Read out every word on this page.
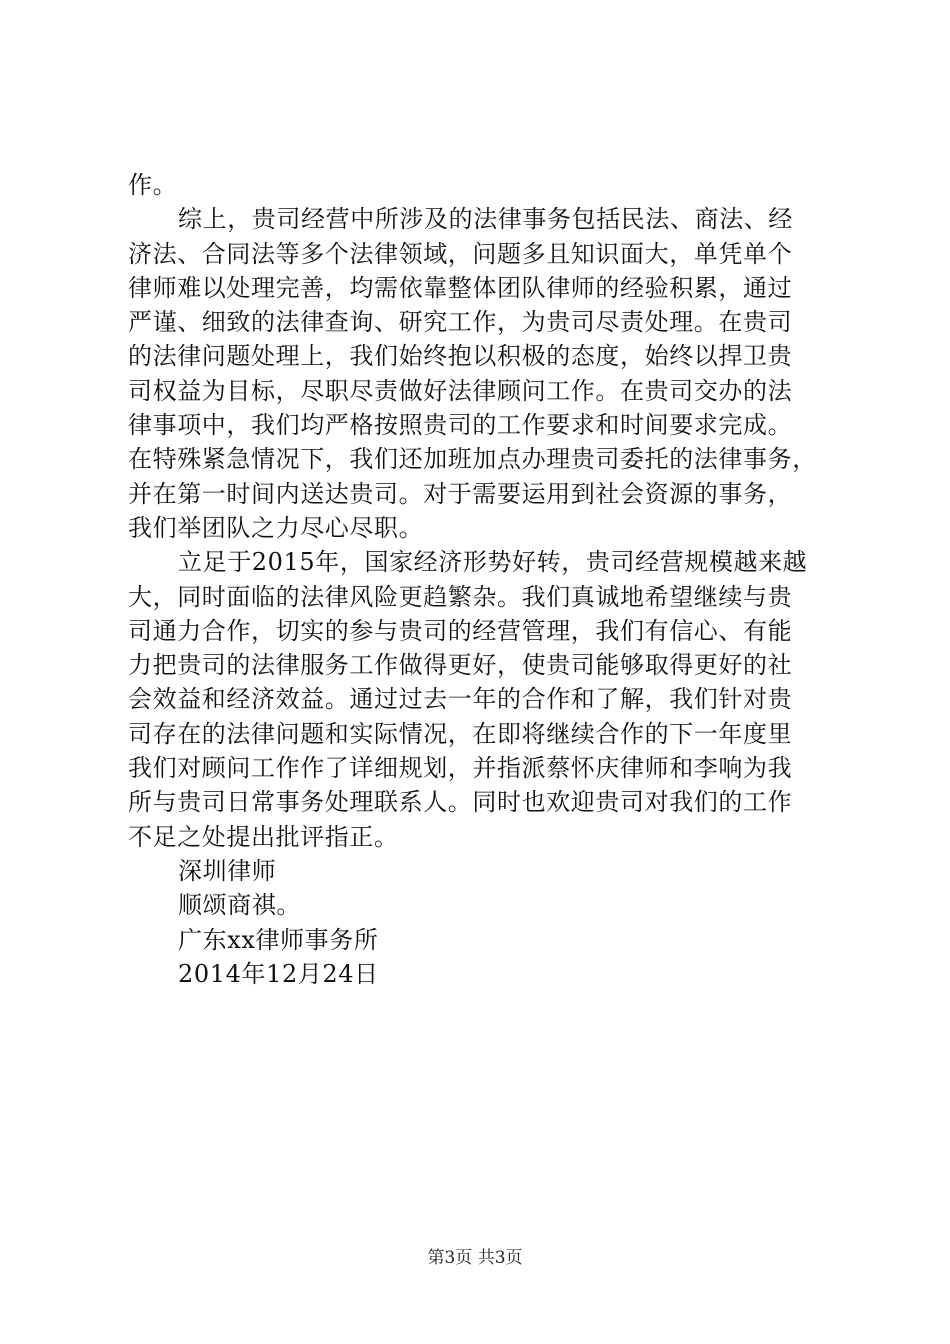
作。
综上，贵司经营中所涉及的法律事务包括民法、商法、经
济法、合同法等多个法律领域，问题多且知识面大，单凭单个
律师难以处理完善，均需依靠整体团队律师的经验积累，通过
严谨、细致的法律查询、研究工作，为贵司尽责处理。在贵司
的法律问题处理上，我们始终抱以积极的态度，始终以捍卫贵
司权益为目标，尽职尽责做好法律顾问工作。在贵司交办的法
律事项中，我们均严格按照贵司的工作要求和时间要求完成。
在特殊紧急情况下，我们还加班加点办理贵司委托的法律事务，
并在第一时间内送达贵司。对于需要运用到社会资源的事务，
我们举团队之力尽心尽职。
立足于2015年，国家经济形势好转，贵司经营规模越来越
大，同时面临的法律风险更趋繁杂。我们真诚地希望继续与贵
司通力合作，切实的参与贵司的经营管理，我们有信心、有能
力把贵司的法律服务工作做得更好，使贵司能够取得更好的社
会效益和经济效益。通过过去一年的合作和了解，我们针对贵
司存在的法律问题和实际情况，在即将继续合作的下一年度里
我们对顾问工作作了详细规划，并指派蔡怀庆律师和李响为我
所与贵司日常事务处理联系人。同时也欢迎贵司对我们的工作
不足之处提出批评指正。
深圳律师
顺颂商祺。
广东xx律师事务所
2014年12月24日
第3页 共3页
